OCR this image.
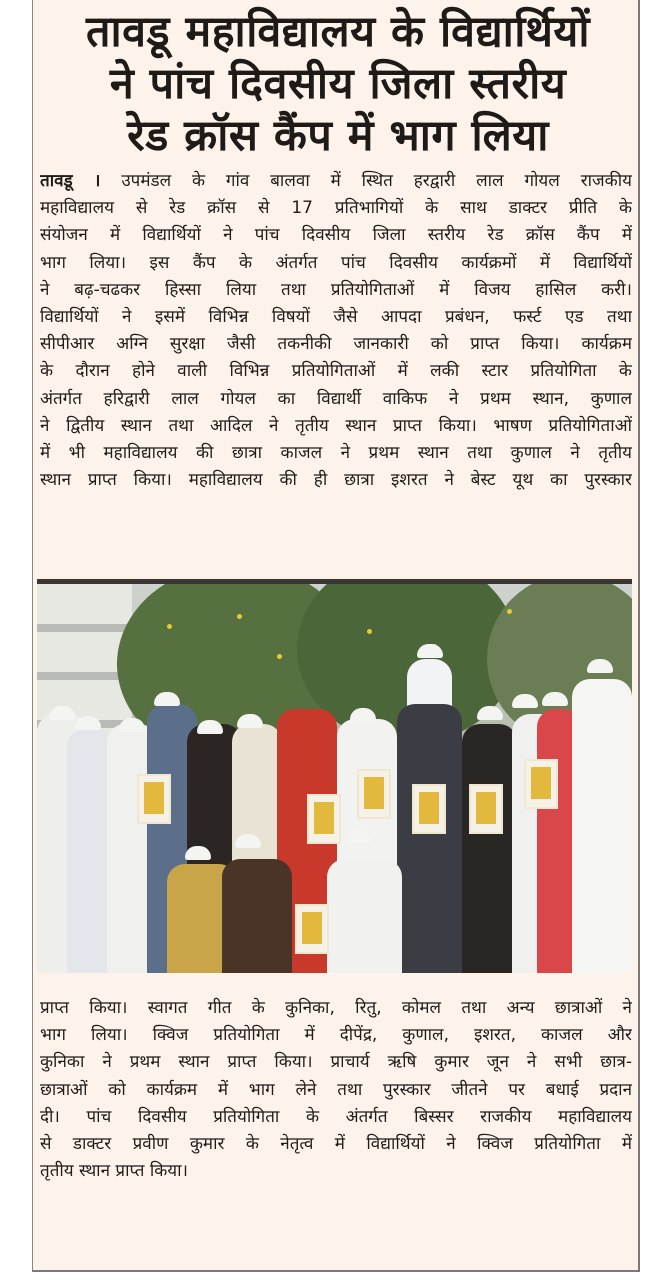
तावडू महाविद्यालय के विद्यार्थियों
ने पांच दिवसीय जिला स्तरीय
रेड क्रॉस कैंप में भाग लिया
तावडू । उपमंडल के गांव बालवा में स्थित हरद्वारी लाल गोयल राजकीय
महाविद्यालय से रेड क्रॉस से 17 प्रतिभागियों के साथ डाक्टर प्रीति के
संयोजन में विद्यार्थियों ने पांच दिवसीय जिला स्तरीय रेड क्रॉस कैंप में
भाग लिया। इस कैंप के अंतर्गत पांच दिवसीय कार्यक्रमों में विद्यार्थियों
ने बढ़-चढकर हिस्सा लिया तथा प्रतियोगिताओं में विजय हासिल करी।
विद्यार्थियों ने इसमें विभिन्न विषयों जैसे आपदा प्रबंधन, फर्स्ट एड तथा
सीपीआर अग्नि सुरक्षा जैसी तकनीकी जानकारी को प्राप्त किया। कार्यक्रम
के दौरान होने वाली विभिन्न प्रतियोगिताओं में लकी स्टार प्रतियोगिता के
अंतर्गत हरिद्वारी लाल गोयल का विद्यार्थी वाकिफ ने प्रथम स्थान, कुणाल
ने द्वितीय स्थान तथा आदिल ने तृतीय स्थान प्राप्त किया। भाषण प्रतियोगिताओं
में भी महाविद्यालय की छात्रा काजल ने प्रथम स्थान तथा कुणाल ने तृतीय
स्थान प्राप्त किया। महाविद्यालय की ही छात्रा इशरत ने बेस्ट यूथ का पुरस्कार
प्राप्त किया। स्वागत गीत के कुनिका, रितु, कोमल तथा अन्य छात्राओं ने
भाग लिया। क्विज प्रतियोगिता में दीपेंद्र, कुणाल, इशरत, काजल और
कुनिका ने प्रथम स्थान प्राप्त किया। प्राचार्य ऋषि कुमार जून ने सभी छात्र-
छात्राओं को कार्यक्रम में भाग लेने तथा पुरस्कार जीतने पर बधाई प्रदान
दी। पांच दिवसीय प्रतियोगिता के अंतर्गत बिस्सर राजकीय महाविद्यालय
से डाक्टर प्रवीण कुमार के नेतृत्व में विद्यार्थियों ने क्विज प्रतियोगिता में
तृतीय स्थान प्राप्त किया।
